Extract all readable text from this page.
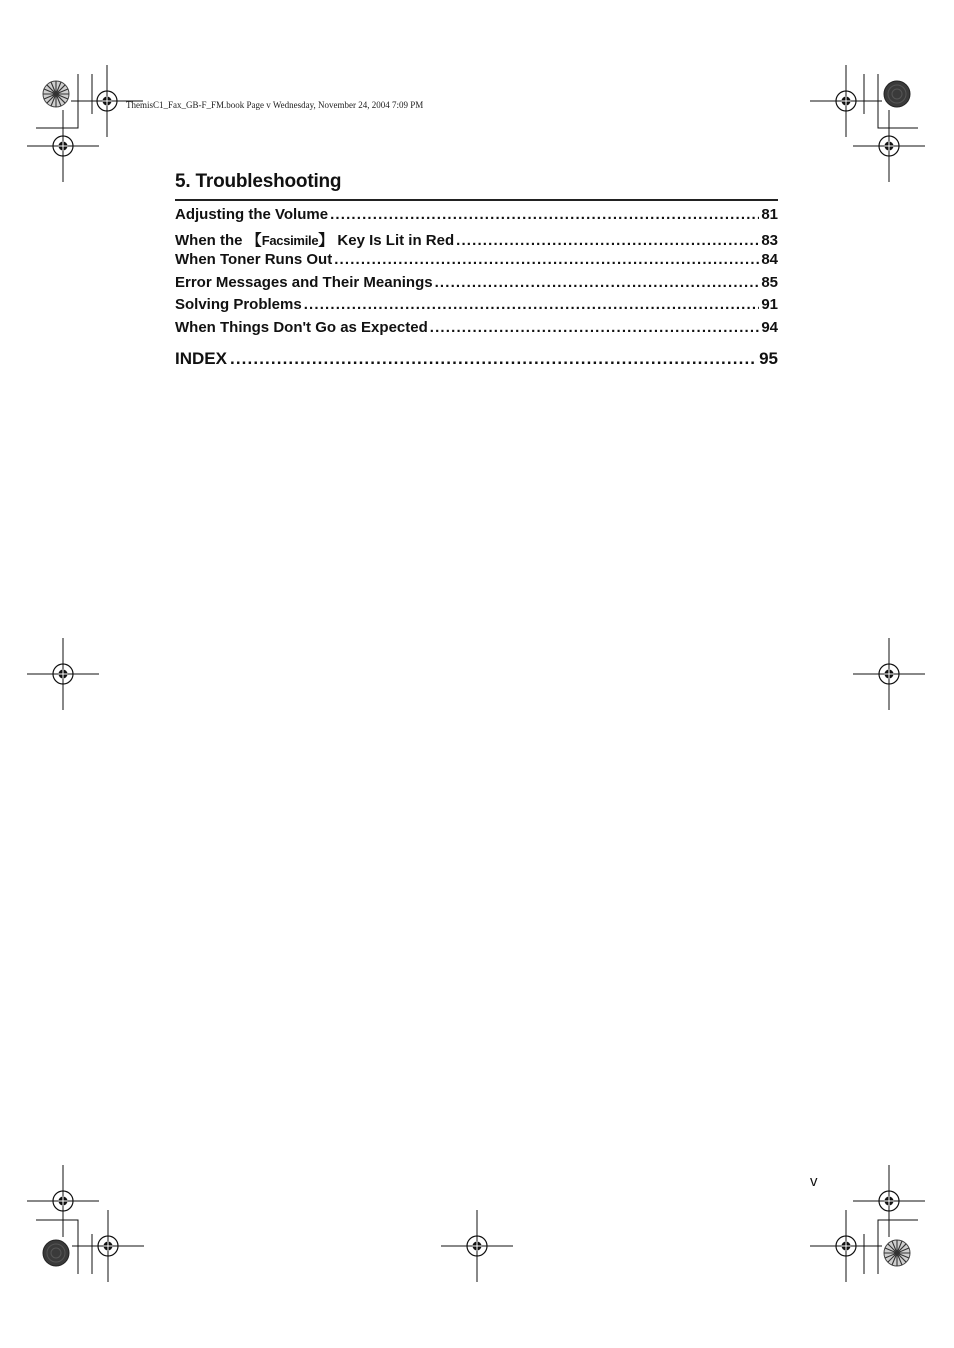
ThemisC1_Fax_GB-F_FM.book Page v Wednesday, November 24, 2004 7:09 PM
5. Troubleshooting
Adjusting the Volume . . .	81
When the 【Facsimile】 Key Is Lit in Red . . .	83
When Toner Runs Out . . .	84
Error Messages and Their Meanings . . .	85
Solving Problems . . .	91
When Things Don't Go as Expected . . .	94
INDEX . . .	95
v
